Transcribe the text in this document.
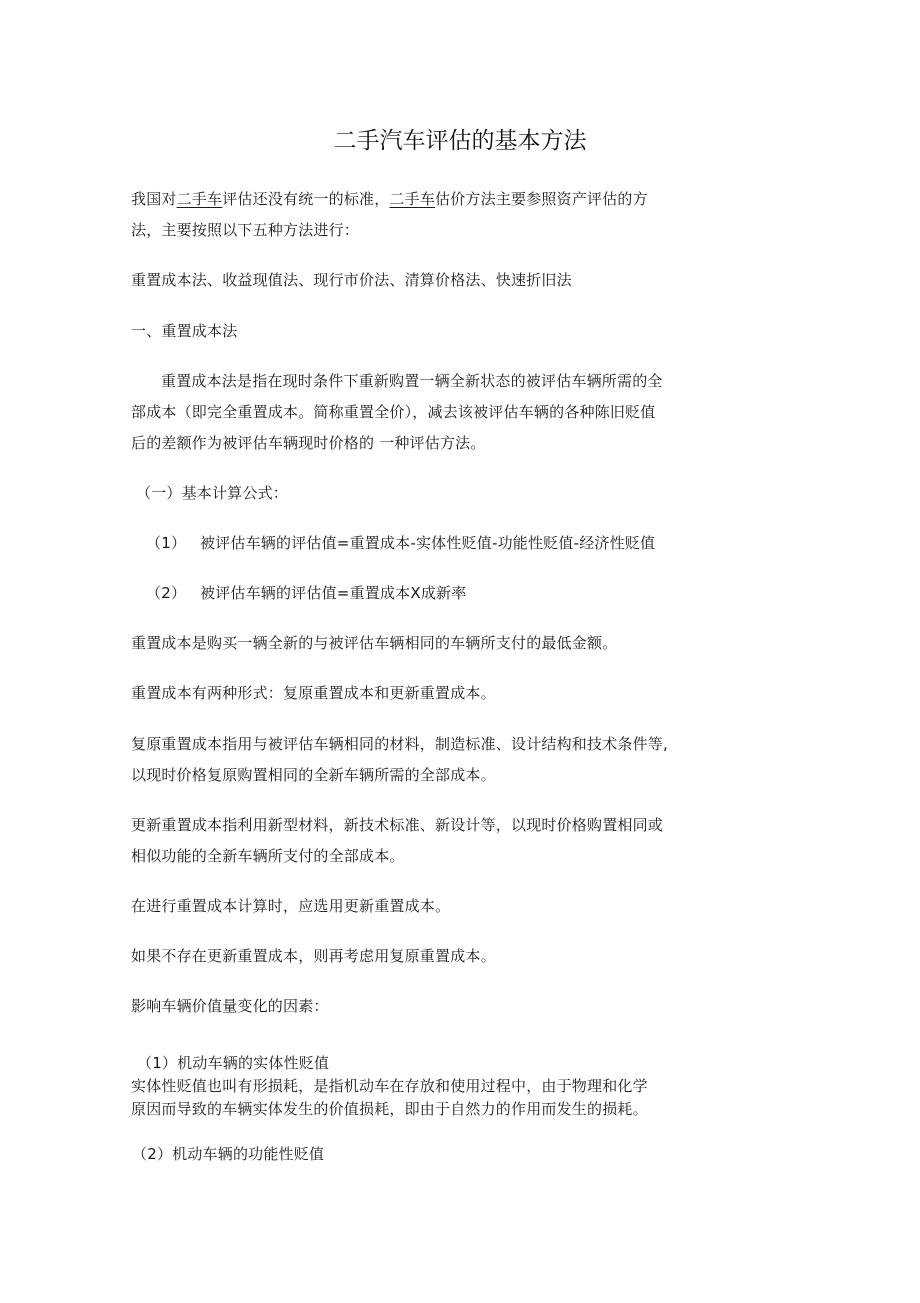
二手汽车评估的基本方法
我国对二手车评估还没有统一的标准，二手车估价方法主要参照资产评估的方
法，主要按照以下五种方法进行：
重置成本法、收益现值法、现行市价法、清算价格法、快速折旧法
一、重置成本法
重置成本法是指在现时条件下重新购置一辆全新状态的被评估车辆所需的全
部成本（即完全重置成本。简称重置全价），减去该被评估车辆的各种陈旧贬值
后的差额作为被评估车辆现时价格的 一种评估方法。
（一）基本计算公式：
（1） 被评估车辆的评估值=重置成本-实体性贬值-功能性贬值-经济性贬值
（2） 被评估车辆的评估值=重置成本X成新率
重置成本是购买一辆全新的与被评估车辆相同的车辆所支付的最低金额。
重置成本有两种形式：复原重置成本和更新重置成本。
复原重置成本指用与被评估车辆相同的材料，制造标准、设计结构和技术条件等,
以现时价格复原购置相同的全新车辆所需的全部成本。
更新重置成本指利用新型材料，新技术标准、新设计等，以现时价格购置相同或
相似功能的全新车辆所支付的全部成本。
在进行重置成本计算时，应选用更新重置成本。
如果不存在更新重置成本，则再考虑用复原重置成本。
影响车辆价值量变化的因素：
（1）机动车辆的实体性贬值
实体性贬值也叫有形损耗，是指机动车在存放和使用过程中，由于物理和化学
原因而导致的车辆实体发生的价值损耗，即由于自然力的作用而发生的损耗。
（2）机动车辆的功能性贬值
